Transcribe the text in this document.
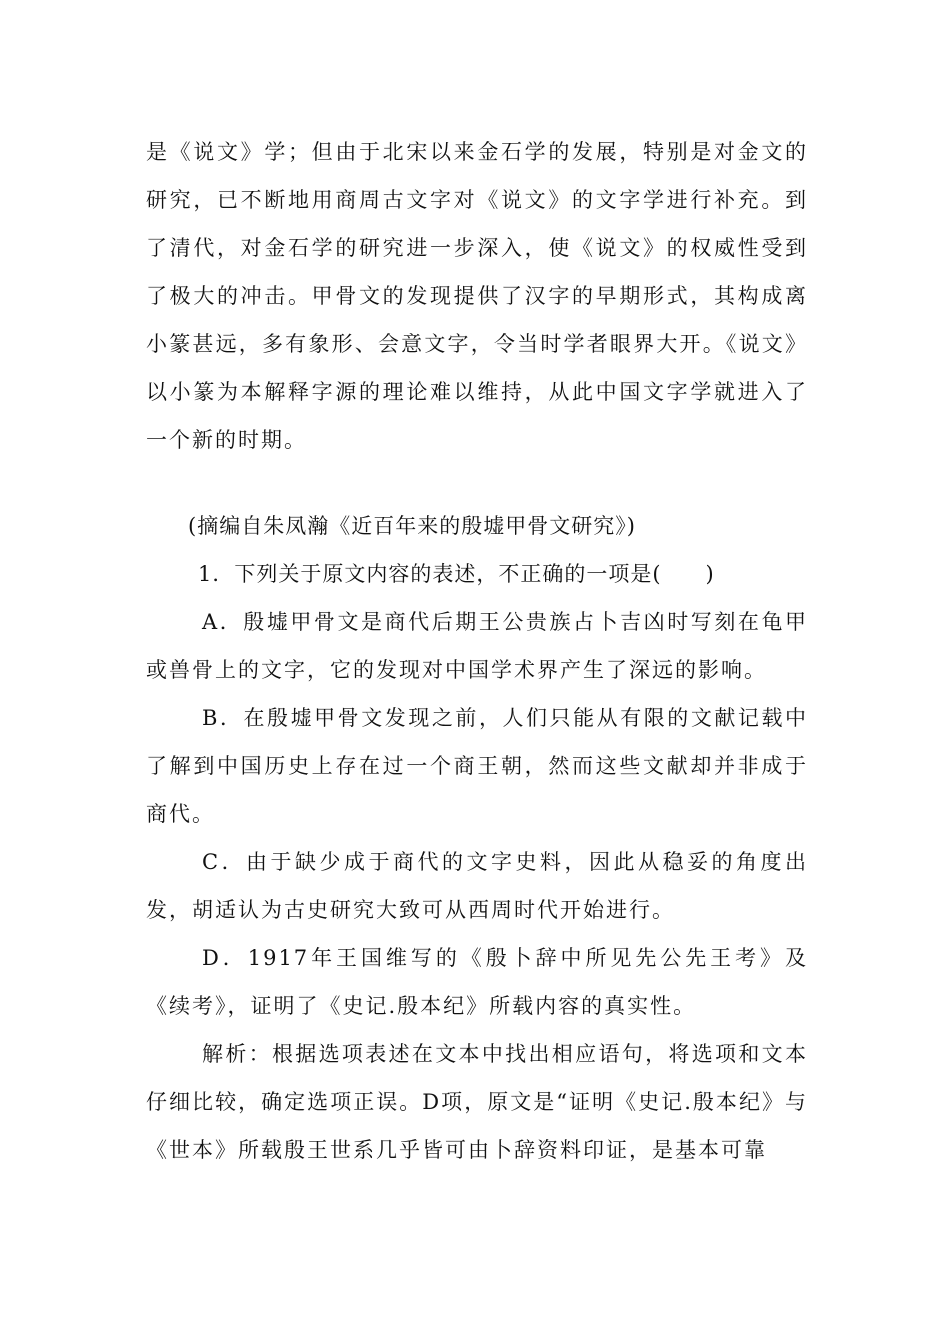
是《说文》学；但由于北宋以来金石学的发展，特别是对金文的研究，已不断地用商周古文字对《说文》的文字学进行补充。到了清代，对金石学的研究进一步深入，使《说文》的权威性受到了极大的冲击。甲骨文的发现提供了汉字的早期形式，其构成离小篆甚远，多有象形、会意文字，令当时学者眼界大开。《说文》以小篆为本解释字源的理论难以维持，从此中国文字学就进入了一个新的时期。

(摘编自朱凤瀚《近百年来的殷墟甲骨文研究》)

1．下列关于原文内容的表述，不正确的一项是(　　)

A．殷墟甲骨文是商代后期王公贵族占卜吉凶时写刻在龟甲或兽骨上的文字，它的发现对中国学术界产生了深远的影响。

B．在殷墟甲骨文发现之前，人们只能从有限的文献记载中了解到中国历史上存在过一个商王朝，然而这些文献却并非成于商代。

C．由于缺少成于商代的文字史料，因此从稳妥的角度出发，胡适认为古史研究大致可从西周时代开始进行。

D．1917年王国维写的《殷卜辞中所见先公先王考》及《续考》，证明了《史记.殷本纪》所载内容的真实性。

解析：根据选项表述在文本中找出相应语句，将选项和文本仔细比较，确定选项正误。D项，原文是“证明《史记.殷本纪》与《世本》所载殷王世系几乎皆可由卜辞资料印证，是基本可靠
